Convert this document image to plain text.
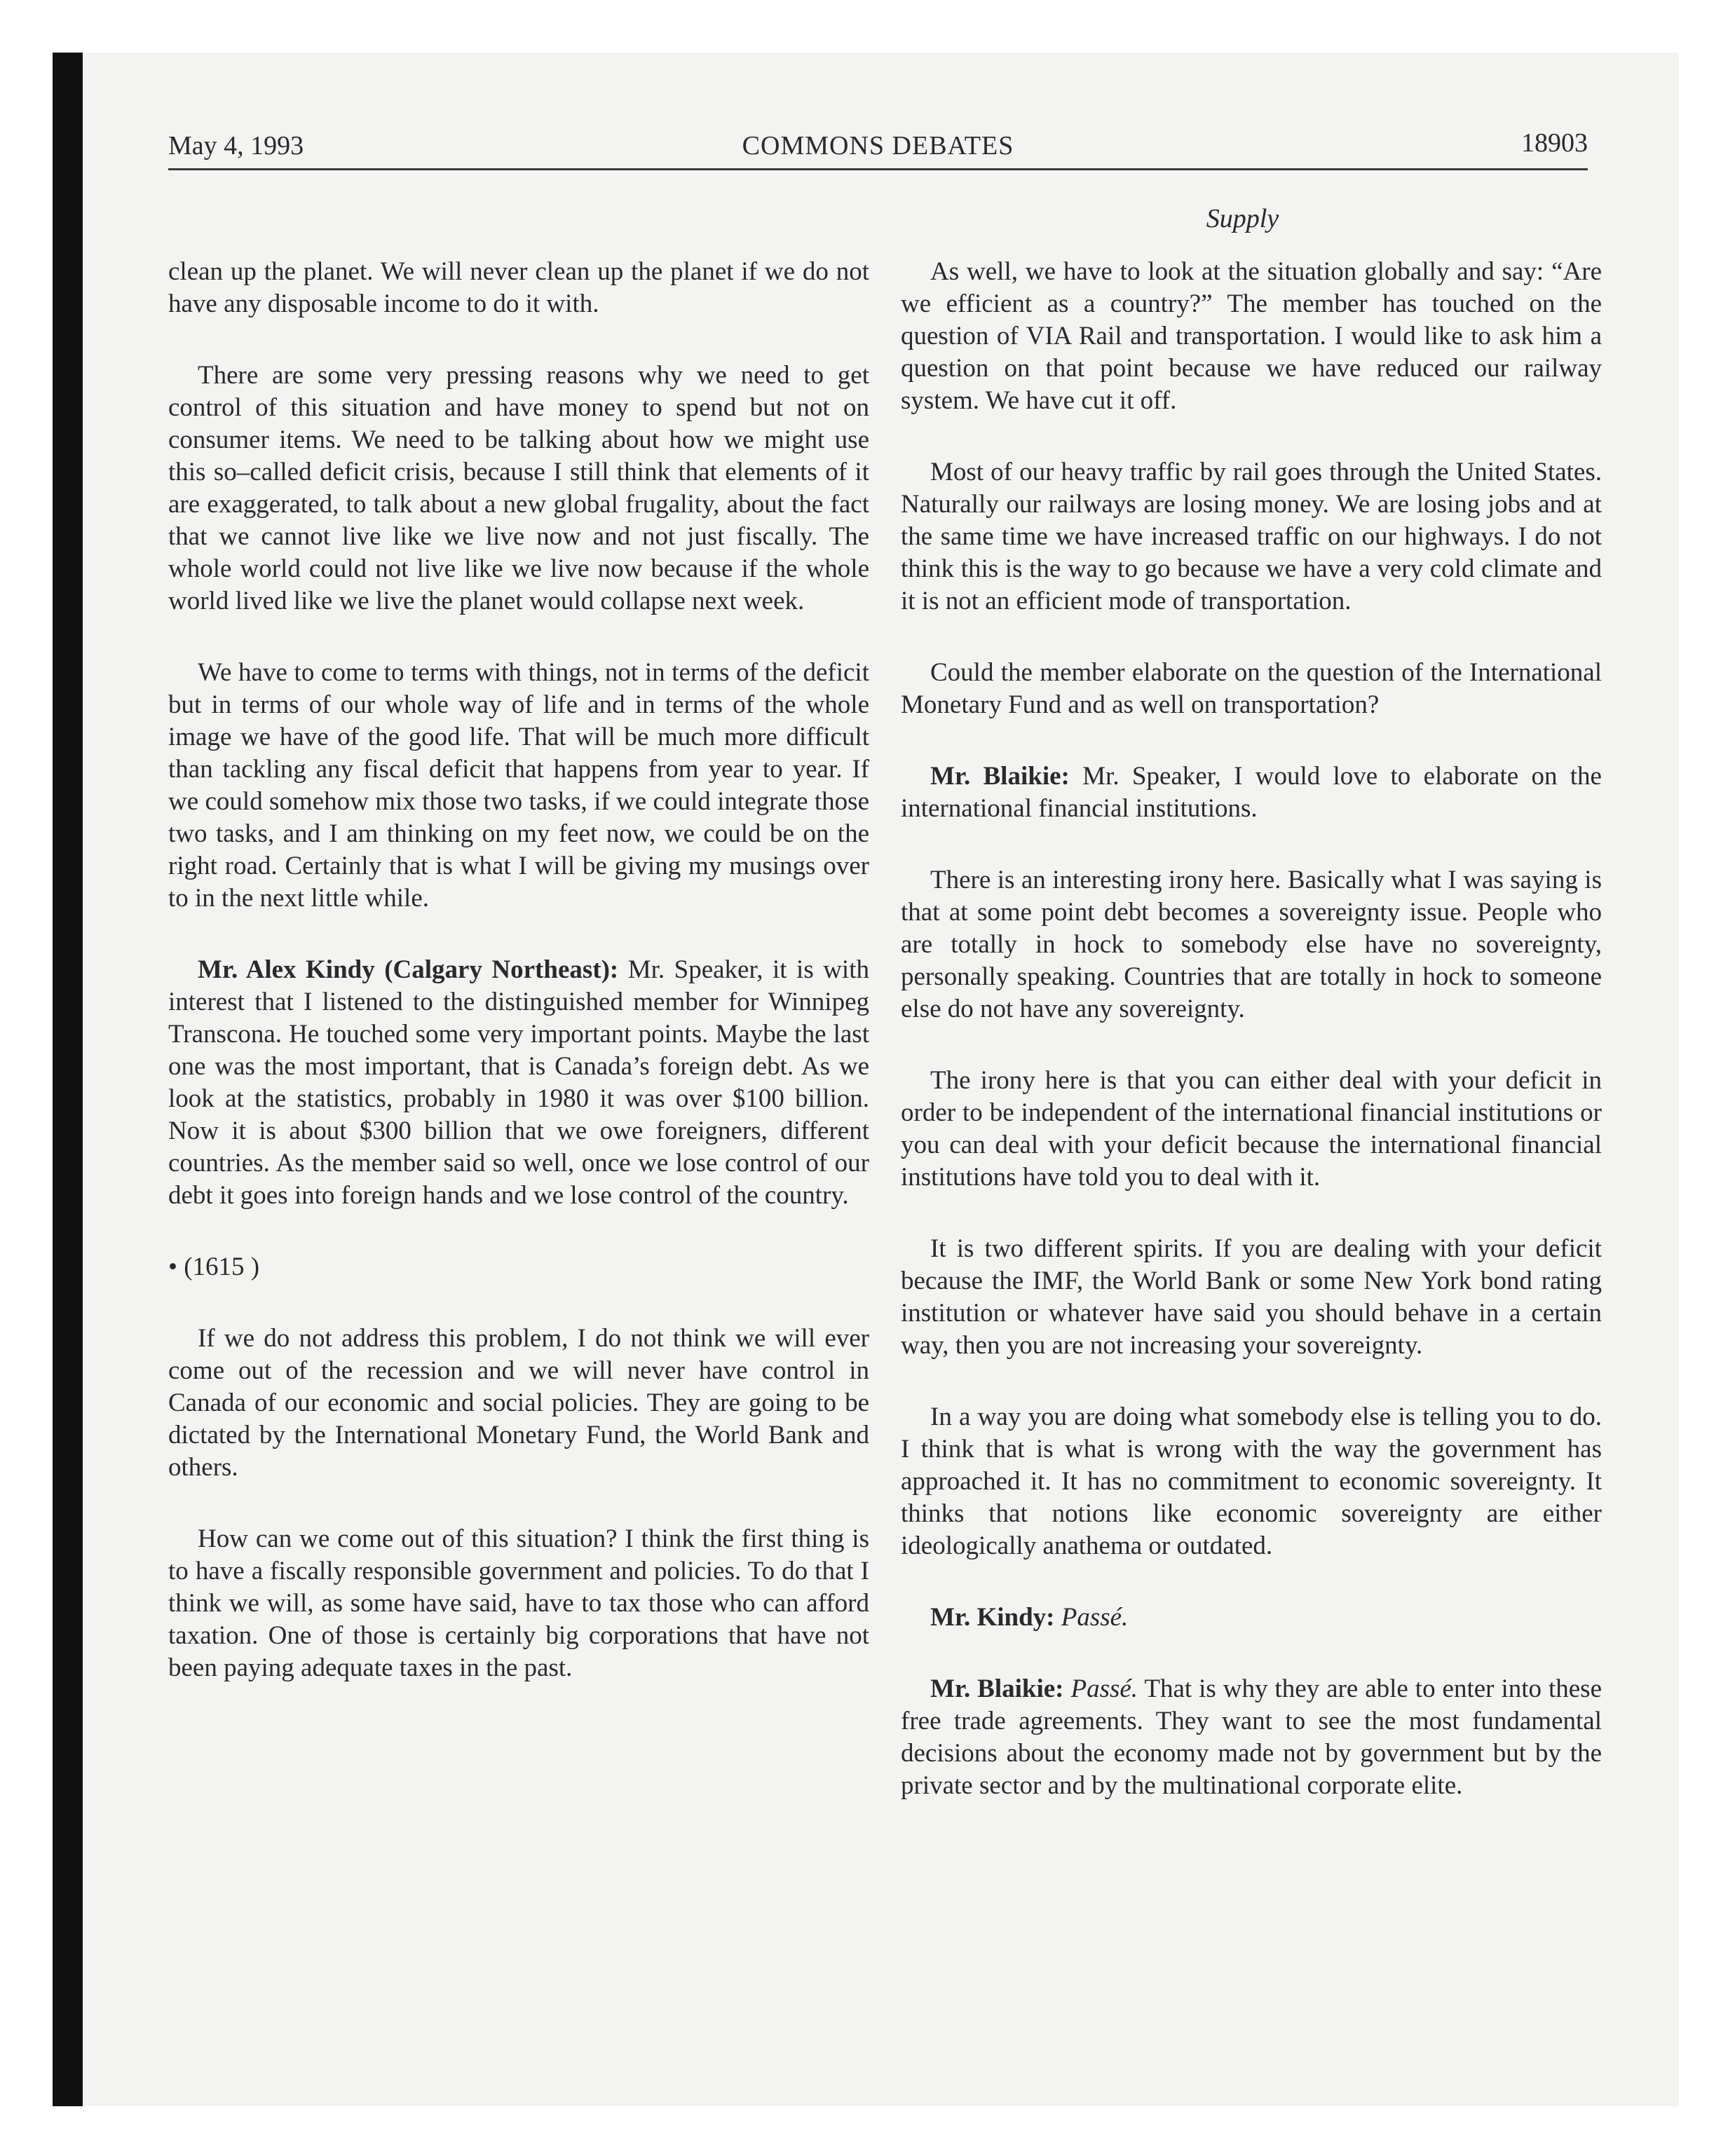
May 4, 1993	COMMONS DEBATES	18903
Supply

clean up the planet. We will never clean up the planet if we do not have any disposable income to do it with.

There are some very pressing reasons why we need to get control of this situation and have money to spend but not on consumer items. We need to be talking about how we might use this so–called deficit crisis, because I still think that elements of it are exaggerated, to talk about a new global frugality, about the fact that we cannot live like we live now and not just fiscally. The whole world could not live like we live now because if the whole world lived like we live the planet would collapse next week.

We have to come to terms with things, not in terms of the deficit but in terms of our whole way of life and in terms of the whole image we have of the good life. That will be much more difficult than tackling any fiscal deficit that happens from year to year. If we could somehow mix those two tasks, if we could integrate those two tasks, and I am thinking on my feet now, we could be on the right road. Certainly that is what I will be giving my musings over to in the next little while.

Mr. Alex Kindy (Calgary Northeast): Mr. Speaker, it is with interest that I listened to the distinguished member for Winnipeg Transcona. He touched some very important points. Maybe the last one was the most important, that is Canada’s foreign debt. As we look at the statistics, probably in 1980 it was over $100 billion. Now it is about $300 billion that we owe foreigners, different countries. As the member said so well, once we lose control of our debt it goes into foreign hands and we lose control of the country.

• (1615 )

If we do not address this problem, I do not think we will ever come out of the recession and we will never have control in Canada of our economic and social policies. They are going to be dictated by the International Monetary Fund, the World Bank and others.

How can we come out of this situation? I think the first thing is to have a fiscally responsible government and policies. To do that I think we will, as some have said, have to tax those who can afford taxation. One of those is certainly big corporations that have not been paying adequate taxes in the past.

As well, we have to look at the situation globally and say: “Are we efficient as a country?” The member has touched on the question of VIA Rail and transportation. I would like to ask him a question on that point because we have reduced our railway system. We have cut it off.

Most of our heavy traffic by rail goes through the United States. Naturally our railways are losing money. We are losing jobs and at the same time we have increased traffic on our highways. I do not think this is the way to go because we have a very cold climate and it is not an efficient mode of transportation.

Could the member elaborate on the question of the International Monetary Fund and as well on transportation?

Mr. Blaikie: Mr. Speaker, I would love to elaborate on the international financial institutions.

There is an interesting irony here. Basically what I was saying is that at some point debt becomes a sovereignty issue. People who are totally in hock to somebody else have no sovereignty, personally speaking. Countries that are totally in hock to someone else do not have any sovereignty.

The irony here is that you can either deal with your deficit in order to be independent of the international financial institutions or you can deal with your deficit because the international financial institutions have told you to deal with it.

It is two different spirits. If you are dealing with your deficit because the IMF, the World Bank or some New York bond rating institution or whatever have said you should behave in a certain way, then you are not increasing your sovereignty.

In a way you are doing what somebody else is telling you to do. I think that is what is wrong with the way the government has approached it. It has no commitment to economic sovereignty. It thinks that notions like economic sovereignty are either ideologically anathema or outdated.

Mr. Kindy: Passé.

Mr. Blaikie: Passé. That is why they are able to enter into these free trade agreements. They want to see the most fundamental decisions about the economy made not by government but by the private sector and by the multinational corporate elite.
